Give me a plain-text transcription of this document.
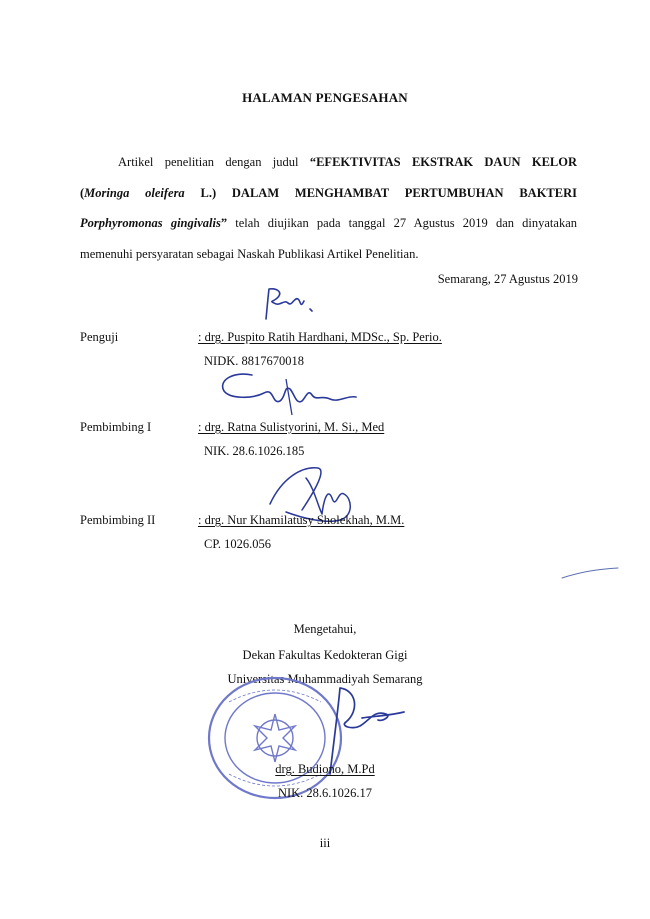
HALAMAN PENGESAHAN
Artikel penelitian dengan judul “EFEKTIVITAS EKSTRAK DAUN KELOR
(Moringa oleifera L.) DALAM MENGHAMBAT PERTUMBUHAN BAKTERI
Porphyromonas gingivalis” telah diujikan pada tanggal 27 Agustus 2019 dan dinyatakan
memenuhi persyaratan sebagai Naskah Publikasi Artikel Penelitian.
Semarang, 27 Agustus 2019
Penguji	: drg. Puspito Ratih Hardhani, MDSc., Sp. Perio.
NIDK. 8817670018
Pembimbing I	: drg. Ratna Sulistyorini, M. Si., Med
NIK. 28.6.1026.185
Pembimbing II	: drg. Nur Khamilatusy Sholekhah, M.M.
CP. 1026.056
Mengetahui,
Dekan Fakultas Kedokteran Gigi
Universitas Muhammadiyah Semarang
drg. Budiono, M.Pd
NIK. 28.6.1026.17
iii
